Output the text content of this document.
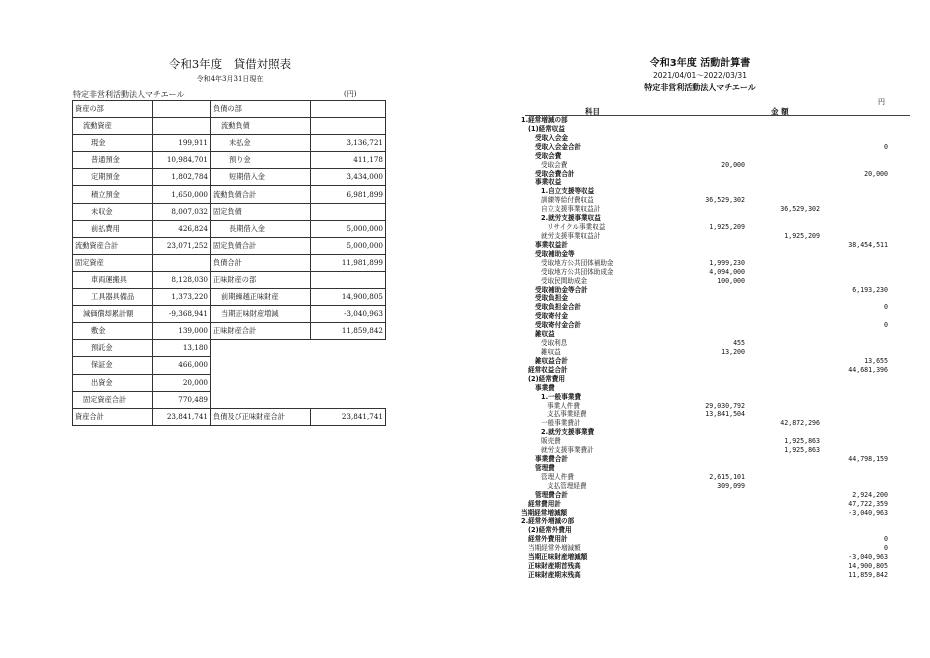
令和3年度　貸借対照表
令和4年3月31日現在
特定非営利活動法人マチエール	(円)
資産の部		負債の部	
流動資産		流動負債	
現金	199,911	未払金	3,136,721
普通預金	10,984,701	預り金	411,178
定期預金	1,802,784	短期借入金	3,434,000
積立預金	1,650,000	流動負債合計	6,981,899
未収金	8,007,032	固定負債	
前払費用	426,824	長期借入金	5,000,000
流動資産合計	23,071,252	固定負債合計	5,000,000
固定資産		負債合計	11,981,899
車両運搬具	8,128,030	正味財産の部	
工具器具備品	1,373,220	前期繰越正味財産	14,900,805
減価償却累計額	-9,368,941	当期正味財産増減	-3,040,963
敷金	139,000	正味財産合計	11,859,842
預託金	13,180		
保証金	466,000		
出資金	20,000		
固定資産合計	770,489		
資産合計	23,841,741	負債及び正味財産合計	23,841,741
令和3年度 活動計算書
2021/04/01～2022/03/31
特定非営利活動法人マチエール
円
科目	金 額
1.経常増減の部
(1)経常収益
受取入会金
受取入会金合計	0
受取会費
受取会費	20,000
受取会費合計	20,000
事業収益
1.自立支援等収益
訓練等給付費収益	36,529,302
自立支援事業収益計	36,529,302
2.就労支援事業収益
リサイクル事業収益	1,925,209
就労支援事業収益計	1,925,209
事業収益計	38,454,511
受取補助金等
受取地方公共団体補助金	1,999,230
受取地方公共団体助成金	4,094,000
受取民間助成金	100,000
受取補助金等合計	6,193,230
受取負担金
受取負担金合計	0
受取寄付金
受取寄付金合計	0
雑収益
受取利息	455
雑収益	13,200
雑収益合計	13,655
経常収益合計	44,681,396
(2)経常費用
事業費
1.一般事業費
事業人件費	29,030,792
支払事業経費	13,841,504
一般事業費計	42,872,296
2.就労支援事業費
販売費	1,925,863
就労支援事業費計	1,925,863
事業費合計	44,798,159
管理費
管理人件費	2,615,101
支払管理経費	309,099
管理費合計	2,924,200
経常費用計	47,722,359
当期経常増減額	-3,040,963
2.経常外増減の部
(2)経常外費用
経常外費用計	0
当期経常外増減額	0
当期正味財産増減額	-3,040,963
正味財産期首残高	14,900,805
正味財産期末残高	11,859,842
